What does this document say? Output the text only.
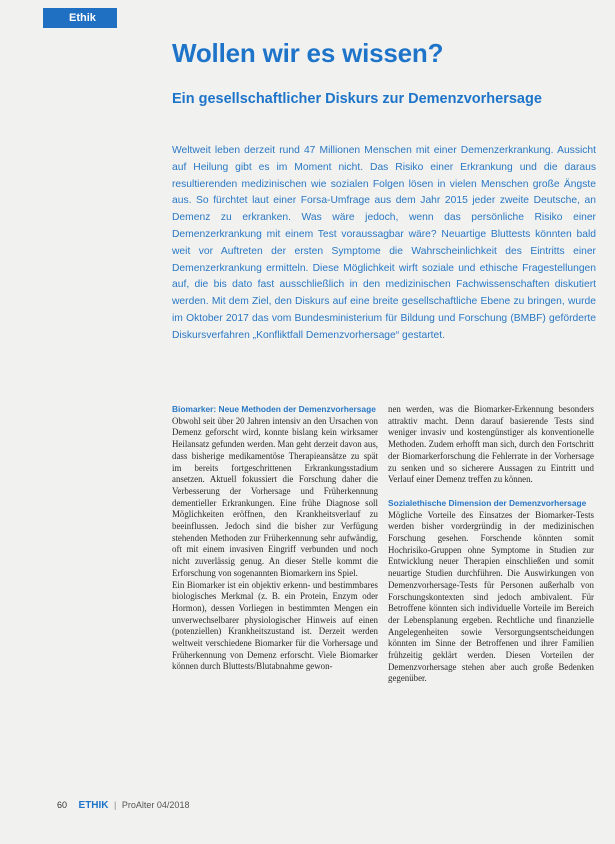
Ethik
Wollen wir es wissen?
Ein gesellschaftlicher Diskurs zur Demenzvorhersage

Weltweit leben derzeit rund 47 Millionen Menschen mit einer Demenzerkrankung. Aussicht auf Heilung gibt es im Moment nicht. Das Risiko einer Erkrankung und die daraus resultierenden medizinischen wie sozialen Folgen lösen in vielen Menschen große Ängste aus. So fürchtet laut einer Forsa-Umfrage aus dem Jahr 2015 jeder zweite Deutsche, an Demenz zu erkranken. Was wäre jedoch, wenn das persönliche Risiko einer Demenzerkrankung mit einem Test voraussagbar wäre? Neuartige Bluttests könnten bald weit vor Auftreten der ersten Symptome die Wahrscheinlichkeit des Eintritts einer Demenzerkrankung ermitteln. Diese Möglichkeit wirft soziale und ethische Fragestellungen auf, die bis dato fast ausschließlich in den medizinischen Fachwissenschaften diskutiert werden. Mit dem Ziel, den Diskurs auf eine breite gesellschaftliche Ebene zu bringen, wurde im Oktober 2017 das vom Bundesministerium für Bildung und Forschung (BMBF) geförderte Diskursverfahren „Konfliktfall Demenzvorhersage“ gestartet.

Biomarker: Neue Methoden der Demenzvorhersage

Obwohl seit über 20 Jahren intensiv an den Ursachen von Demenz geforscht wird, konnte bislang kein wirksamer Heilansatz gefunden werden. Man geht derzeit davon aus, dass bisherige medikamentöse Therapieansätze zu spät im bereits fortgeschrittenen Erkrankungsstadium ansetzen. Aktuell fokussiert die Forschung daher die Verbesserung der Vorhersage und Früherkennung dementieller Erkrankungen. Eine frühe Diagnose soll Möglichkeiten eröffnen, den Krankheitsverlauf zu beeinflussen. Jedoch sind die bisher zur Verfügung stehenden Methoden zur Früherkennung sehr aufwändig, oft mit einem invasiven Eingriff verbunden und noch nicht zuverlässig genug. An dieser Stelle kommt die Erforschung von sogenannten Biomarkern ins Spiel.

Ein Biomarker ist ein objektiv erkenn- und bestimmbares biologisches Merkmal (z. B. ein Protein, Enzym oder Hormon), dessen Vorliegen in bestimmten Mengen ein unverwechselbarer physiologischer Hinweis auf einen (potenziellen) Krankheitszustand ist. Derzeit werden weltweit verschiedene Biomarker für die Vorhersage und Früherkennung von Demenz erforscht. Viele Biomarker können durch Bluttests/Blutabnahme gewon-

nen werden, was die Biomarker-Erkennung besonders attraktiv macht. Denn darauf basierende Tests sind weniger invasiv und kostengünstiger als konventionelle Methoden. Zudem erhofft man sich, durch den Fortschritt der Biomarkerforschung die Fehlerrate in der Vorhersage zu senken und so sicherere Aussagen zu Eintritt und Verlauf einer Demenz treffen zu können.

Sozialethische Dimension der Demenzvorhersage

Mögliche Vorteile des Einsatzes der Biomarker-Tests werden bisher vordergründig in der medizinischen Forschung gesehen. Forschende könnten somit Hochrisiko-Gruppen ohne Symptome in Studien zur Entwicklung neuer Therapien einschließen und somit neuartige Studien durchführen. Die Auswirkungen von Demenzvorhersage-Tests für Personen außerhalb von Forschungskontexten sind jedoch ambivalent. Für Betroffene könnten sich individuelle Vorteile im Bereich der Lebensplanung ergeben. Rechtliche und finanzielle Angelegenheiten sowie Versorgungsentscheidungen könnten im Sinne der Betroffenen und ihrer Familien frühzeitig geklärt werden. Diesen Vorteilen der Demenzvorhersage stehen aber auch große Bedenken gegenüber.

60 ETHIK | ProAlter 04/2018
